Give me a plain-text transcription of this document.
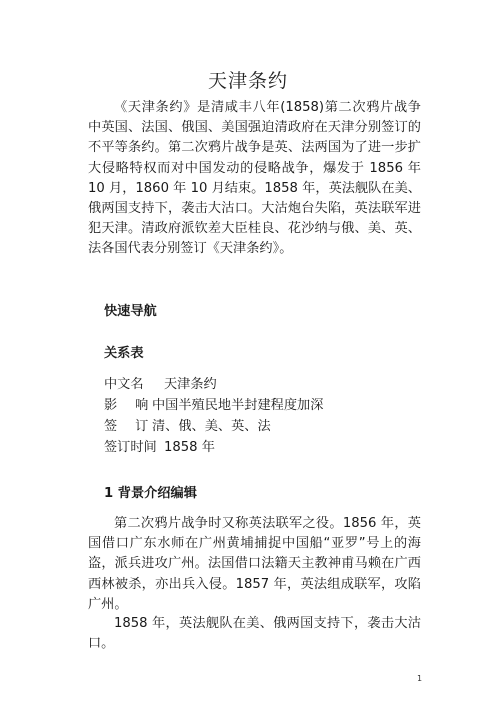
天津条约

《天津条约》是清咸丰八年(1858)第二次鸦片战争中英国、法国、俄国、美国强迫清政府在天津分别签订的不平等条约。第二次鸦片战争是英、法两国为了进一步扩大侵略特权而对中国发动的侵略战争，爆发于 1856 年 10 月，1860 年 10 月结束。1858 年，英法舰队在美、俄两国支持下，袭击大沽口。大沽炮台失陷，英法联军进犯天津。清政府派钦差大臣桂良、花沙纳与俄、美、英、法各国代表分别签订《天津条约》。

快速导航
关系表
中文名 天津条约
影响中国半殖民地半封建程度加深
签订清、俄、美、英、法
签订时间 1858 年
1 背景介绍编辑

第二次鸦片战争时又称英法联军之役。1856 年，英国借口广东水师在广州黄埔捕捉中国船“亚罗”号上的海盗，派兵进攻广州。法国借口法籍天主教神甫马赖在广西西林被杀，亦出兵入侵。1857 年，英法组成联军，攻陷广州。

1858 年，英法舰队在美、俄两国支持下，袭击大沽口。

1
